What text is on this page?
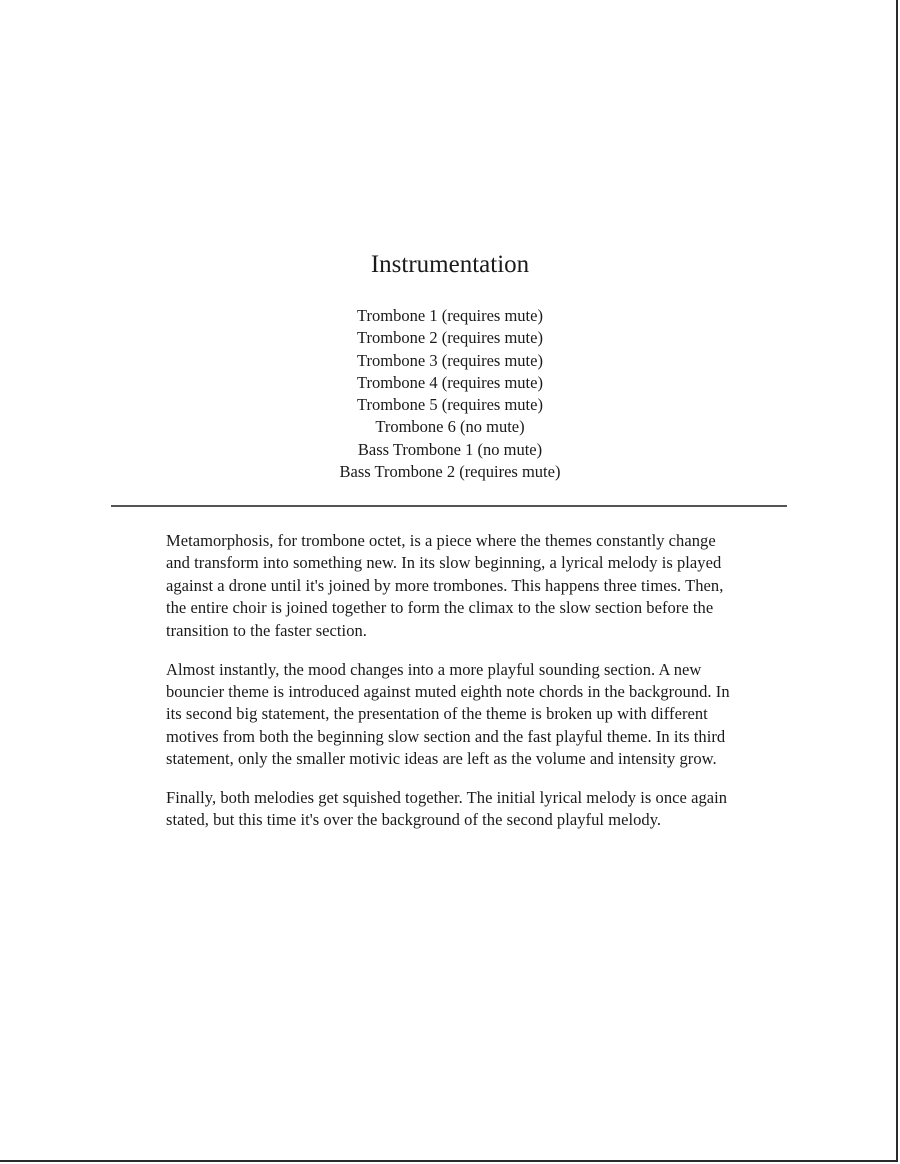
Instrumentation
Trombone 1 (requires mute)
Trombone 2 (requires mute)
Trombone 3 (requires mute)
Trombone 4 (requires mute)
Trombone 5 (requires mute)
Trombone 6 (no mute)
Bass Trombone 1 (no mute)
Bass Trombone 2 (requires mute)

Metamorphosis, for trombone octet, is a piece where the themes constantly change and transform into something new. In its slow beginning, a lyrical melody is played against a drone until it's joined by more trombones. This happens three times. Then, the entire choir is joined together to form the climax to the slow section before the transition to the faster section.

Almost instantly, the mood changes into a more playful sounding section. A new bouncier theme is introduced against muted eighth note chords in the background. In its second big statement, the presentation of the theme is broken up with different motives from both the beginning slow section and the fast playful theme. In its third statement, only the smaller motivic ideas are left as the volume and intensity grow.

Finally, both melodies get squished together. The initial lyrical melody is once again stated, but this time it's over the background of the second playful melody.
